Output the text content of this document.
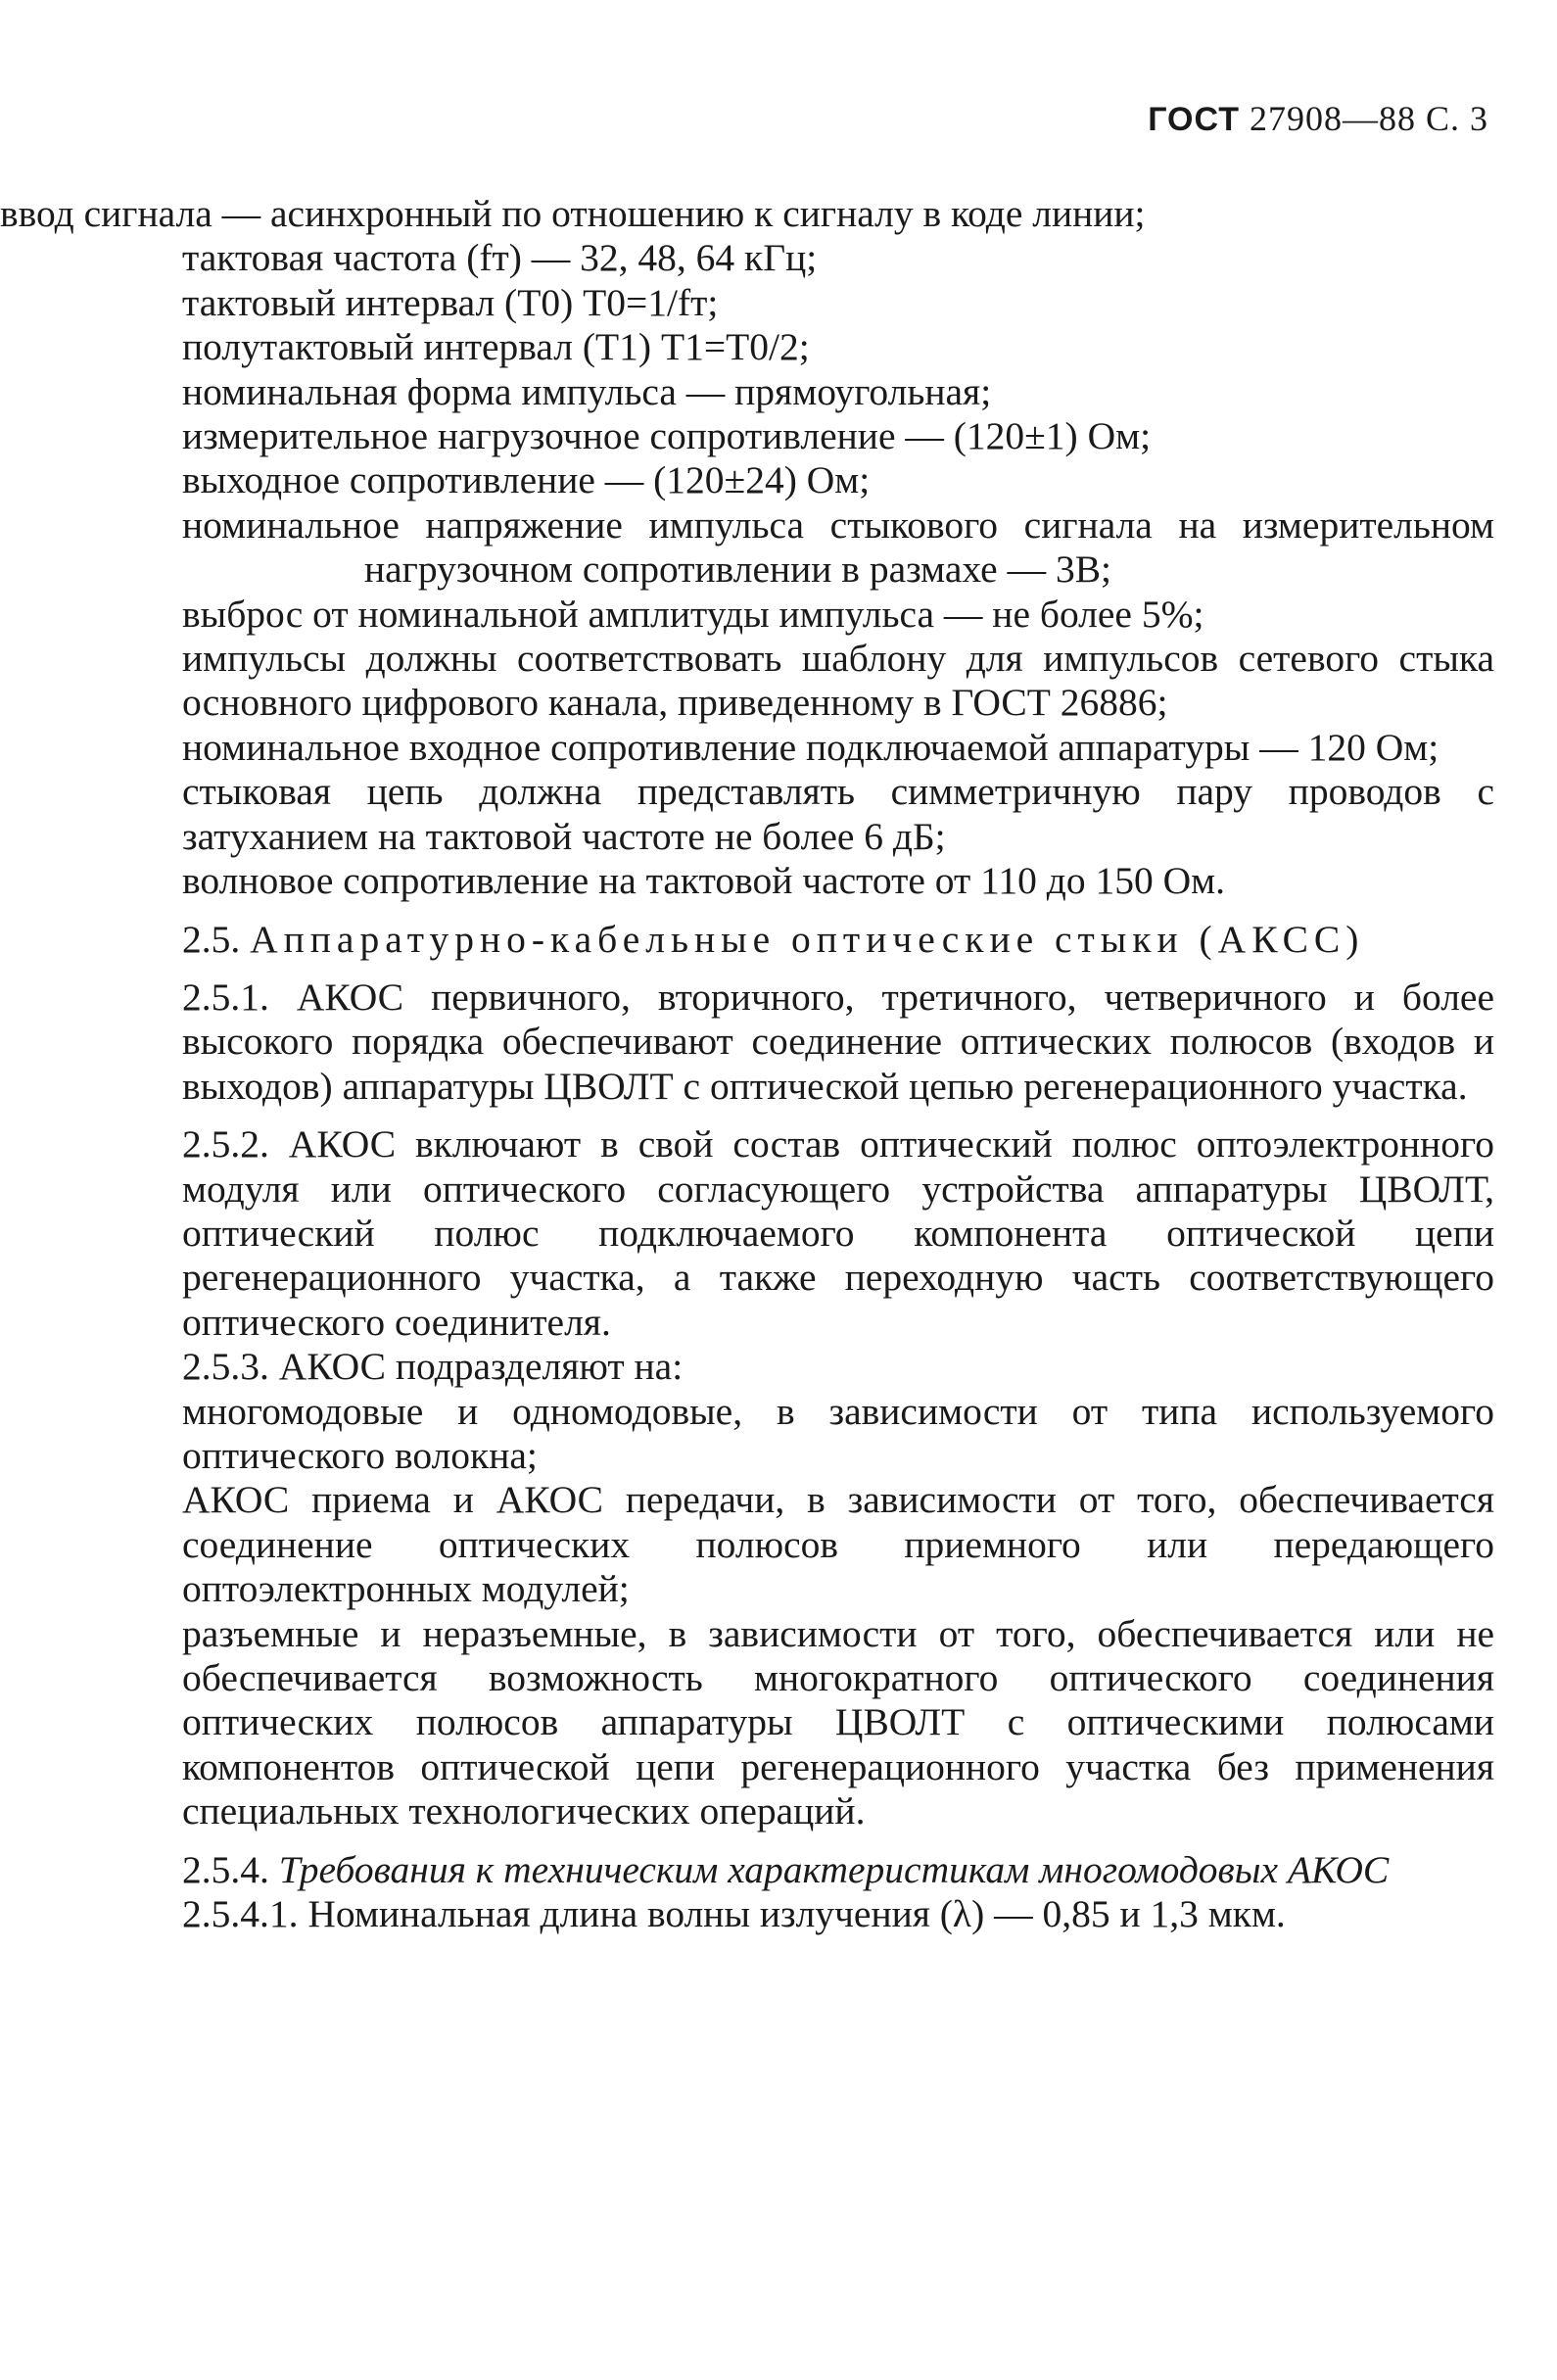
ГОСТ 27908—88 С. 3

ввод сигнала — асинхронный по отношению к сигналу в коде линии;

тактовая частота (fт) — 32, 48, 64 кГц;

тактовый интервал (T0) T0=1/fт;

полутактовый интервал (T1) T1=T0/2;

номинальная форма импульса — прямоугольная;

измерительное нагрузочное сопротивление — (120±1) Ом;

выходное сопротивление — (120±24) Ом;

номинальное напряжение импульса стыкового сигнала на измерительном нагрузочном сопротивлении в размахе — 3В;

выброс от номинальной амплитуды импульса — не более 5%;

импульсы должны соответствовать шаблону для импульсов сетевого стыка основного цифрового канала, приведенному в ГОСТ 26886;

номинальное входное сопротивление подключаемой аппаратуры — 120 Ом;

стыковая цепь должна представлять симметричную пару проводов с затуханием на тактовой частоте не более 6 дБ;

волновое сопротивление на тактовой частоте от 110 до 150 Ом.

2.5. Аппаратурно-кабельные оптические стыки (АКСС)

2.5.1. АКОС первичного, вторичного, третичного, четверичного и более высокого порядка обеспечивают соединение оптических полюсов (входов и выходов) аппаратуры ЦВОЛТ с оптической цепью регенерационного участка.

2.5.2. АКОС включают в свой состав оптический полюс оптоэлектронного модуля или оптического согласующего устройства аппаратуры ЦВОЛТ, оптический полюс подключаемого компонента оптической цепи регенерационного участка, а также переходную часть соответствующего оптического соединителя.

2.5.3. АКОС подразделяют на:

многомодовые и одномодовые, в зависимости от типа используемого оптического волокна;

АКОС приема и АКОС передачи, в зависимости от того, обеспечивается соединение оптических полюсов приемного или передающего оптоэлектронных модулей;

разъемные и неразъемные, в зависимости от того, обеспечивается или не обеспечивается возможность многократного оптического соединения оптических полюсов аппаратуры ЦВОЛТ с оптическими полюсами компонентов оптической цепи регенерационного участка без применения специальных технологических операций.

2.5.4. Требования к техническим характеристикам многомодовых АКОС

2.5.4.1. Номинальная длина волны излучения (λ) — 0,85 и 1,3 мкм.
